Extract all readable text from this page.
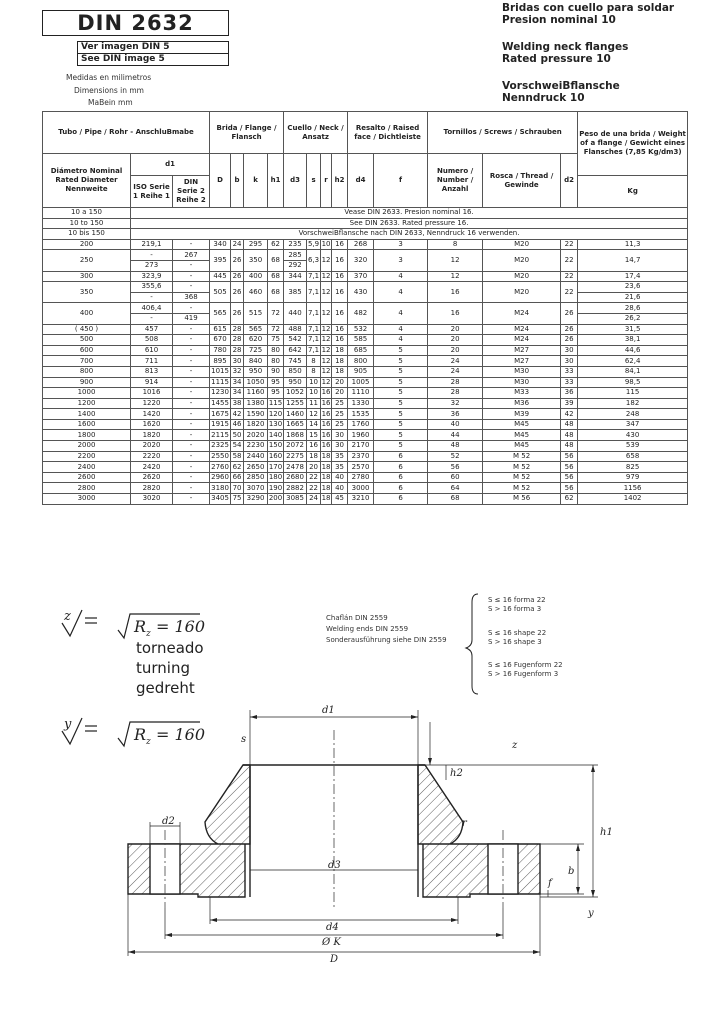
DIN 2632
Ver imagen DIN 5
See DIN image 5
Medidas en milimetros
Dimensions in mm
MaBein mm
Bridas con cuello para soldar
Presion nominal 10
Welding neck flanges
Rated pressure 10
VorschweiBflansche
Nenndruck 10
Tubo / Pipe / Rohr - AnschluBmabe			Brida / Flange / Flansch				Cuello / Neck / Ansatz				Resalto / Raised face / Dichtleiste		Tornillos / Screws / Schrauben			Peso de una brida / Weight of a flange / Gewicht eines Flansches (7,85 Kg/dm3)
Diámetro Nominal Rated Diameter Nennweite	d1		D	b	k	h1	d3	s	r	h2	d4	f	Numero / Number / Anzahl	Rosca / Thread / Gewinde	d2	
	ISO Serie 1 Reihe 1	DIN Serie 2 Reihe 2														Kg
10 a 150	Vease DIN 2633. Presion nominal 16.															
10 to 150	See DIN 2633. Rated pressure 16.															
10 bis 150	VorschweiBflansche nach DIN 2633, Nenndruck 16 verwenden.															
200	219,1	-	340	24	295	62	235	5,9	10	16	268	3	8	M20	22	11,3
250	-	267	395	26	350	68	285	6,3	12	16	320	3	12	M20	22	14,7
	273	-					292									
300	323,9	-	445	26	400	68	344	7,1	12	16	370	4	12	M20	22	17,4
350	355,6	-	505	26	460	68	385	7,1	12	16	430	4	16	M20	22	23,6
	-	368														21,6
400	406,4	-	565	26	515	72	440	7,1	12	16	482	4	16	M24	26	28,6
	-	419														26,2
( 450 )	457	-	615	28	565	72	488	7,1	12	16	532	4	20	M24	26	31,5
500	508	-	670	28	620	75	542	7,1	12	16	585	4	20	M24	26	38,1
600	610	-	780	28	725	80	642	7,1	12	18	685	5	20	M27	30	44,6
700	711	-	895	30	840	80	745	8	12	18	800	5	24	M27	30	62,4
800	813	-	1015	32	950	90	850	8	12	18	905	5	24	M30	33	84,1
900	914	-	1115	34	1050	95	950	10	12	20	1005	5	28	M30	33	98,5
1000	1016	-	1230	34	1160	95	1052	10	16	20	1110	5	28	M33	36	115
1200	1220	-	1455	38	1380	115	1255	11	16	25	1330	5	32	M36	39	182
1400	1420	-	1675	42	1590	120	1460	12	16	25	1535	5	36	M39	42	248
1600	1620	-	1915	46	1820	130	1665	14	16	25	1760	5	40	M45	48	347
1800	1820	-	2115	50	2020	140	1868	15	16	30	1960	5	44	M45	48	430
2000	2020	-	2325	54	2230	150	2072	16	16	30	2170	5	48	M45	48	539
2200	2220	-	2550	58	2440	160	2275	18	18	35	2370	6	52	M 52	56	658
2400	2420	-	2760	62	2650	170	2478	20	18	35	2570	6	56	M 52	56	825
2600	2620	-	2960	66	2850	180	2680	22	18	40	2780	6	60	M 52	56	979
2800	2820	-	3180	70	3070	190	2882	22	18	40	3000	6	64	M 52	56	1156
3000	3020	-	3405	75	3290	200	3085	24	18	45	3210	6	68	M 56	62	1402
torneado
turning
gedreht
Chaflán DIN 2559
Welding ends DIN 2559
Sonderausführung siehe DIN 2559
S ≤ 16 forma 22
S > 16 forma 3
S ≤ 16 shape 22
S > 16 shape 3
S ≤ 16 Fugenform 22
S > 16 Fugenform 3
z
y
R z = 160
R z = 160
d1
d3
d4
Ø K
D
d2
s
h1
h2
b
f
r
y
z
